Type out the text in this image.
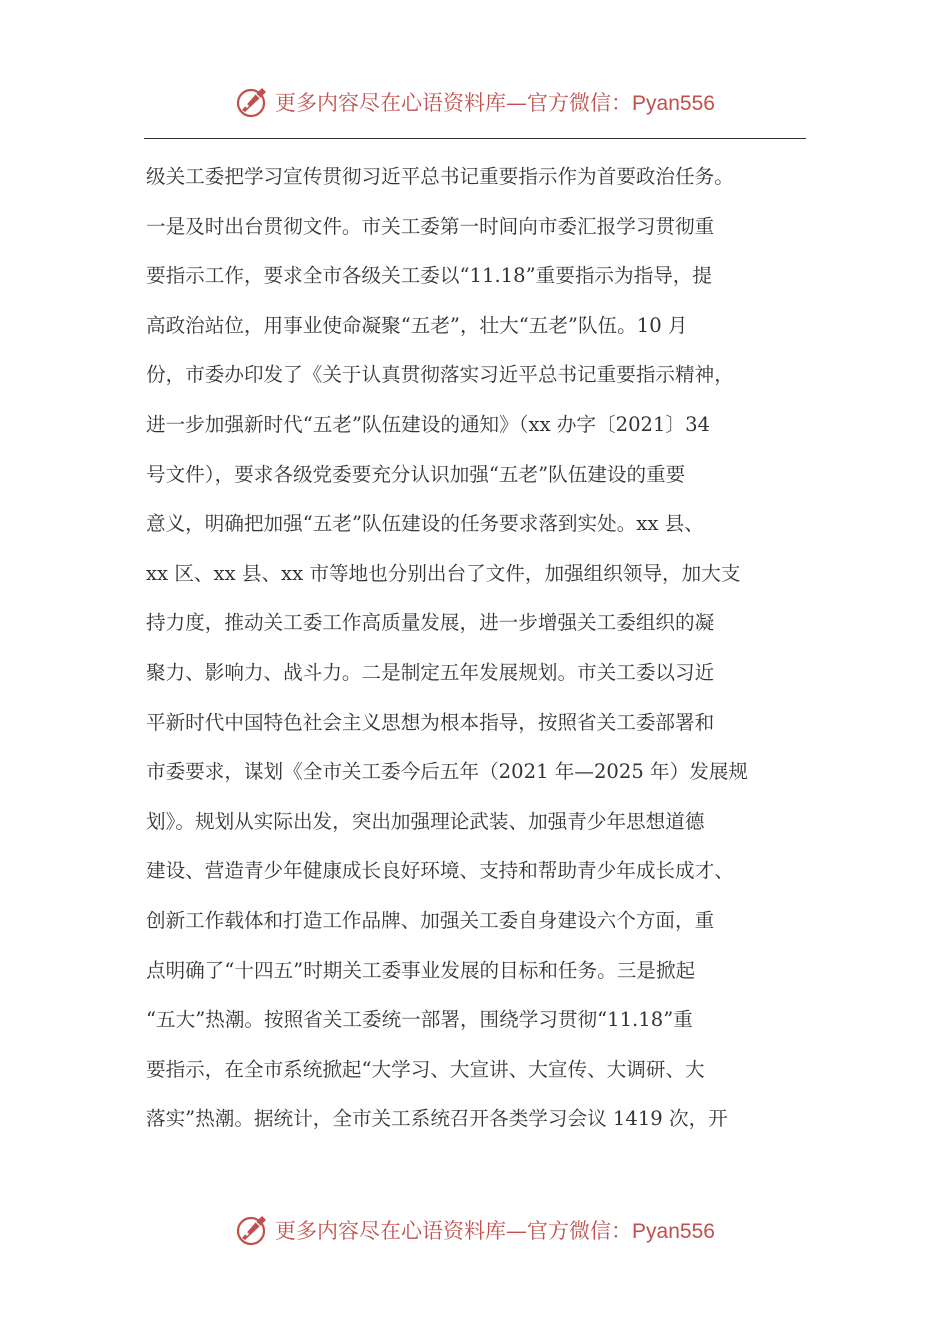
更多内容尽在心语资料库— 官方微信：Pyan556
级关工委把学习宣传贯彻习近平总书记重要指示作为首要政治任务。
一是及时出台贯彻文件。市关工委第一时间向市委汇报学习贯彻重
要指示工作，要求全市各级关工委以“11.18”重要指示为指导，提
高政治站位，用事业使命凝聚“五老”，壮大“五老”队伍。10 月
份，市委办印发了《关于认真贯彻落实习近平总书记重要指示精神，
进一步加强新时代“五老”队伍建设的通知》（xx 办字〔2021〕34
号文件），要求各级党委要充分认识加强“五老”队伍建设的重要
意义，明确把加强“五老”队伍建设的任务要求落到实处。xx 县、
xx 区、xx 县、xx 市等地也分别出台了文件，加强组织领导，加大支
持力度，推动关工委工作高质量发展，进一步增强关工委组织的凝
聚力、影响力、战斗力。二是制定五年发展规划。市关工委以习近
平新时代中国特色社会主义思想为根本指导，按照省关工委部署和
市委要求，谋划《全市关工委今后五年（2021 年—2025 年）发展规
划》。规划从实际出发，突出加强理论武装、加强青少年思想道德
建设、营造青少年健康成长良好环境、支持和帮助青少年成长成才、
创新工作载体和打造工作品牌、加强关工委自身建设六个方面，重
点明确了“十四五”时期关工委事业发展的目标和任务。三是掀起
“五大”热潮。按照省关工委统一部署，围绕学习贯彻“11.18”重
要指示，在全市系统掀起“大学习、大宣讲、大宣传、大调研、大
落实”热潮。据统计，全市关工系统召开各类学习会议 1419 次，开
更多内容尽在心语资料库— 官方微信：Pyan556
